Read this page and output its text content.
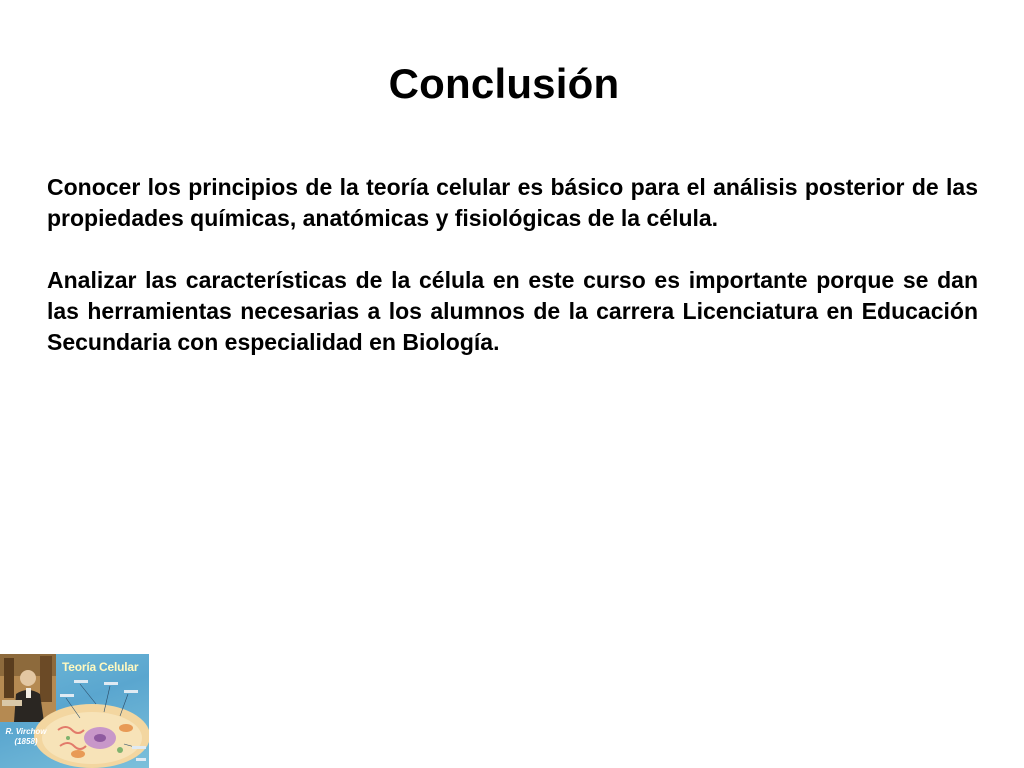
Conclusión

Conocer los principios de la teoría celular es básico para el análisis posterior de las propiedades químicas, anatómicas y fisiológicas de la célula.

Analizar las características de la célula en este curso es importante porque se dan las herramientas necesarias a los alumnos de la carrera Licenciatura en Educación Secundaria con especialidad en Biología.

Teoría Celular
R. Virchow
(1858)
